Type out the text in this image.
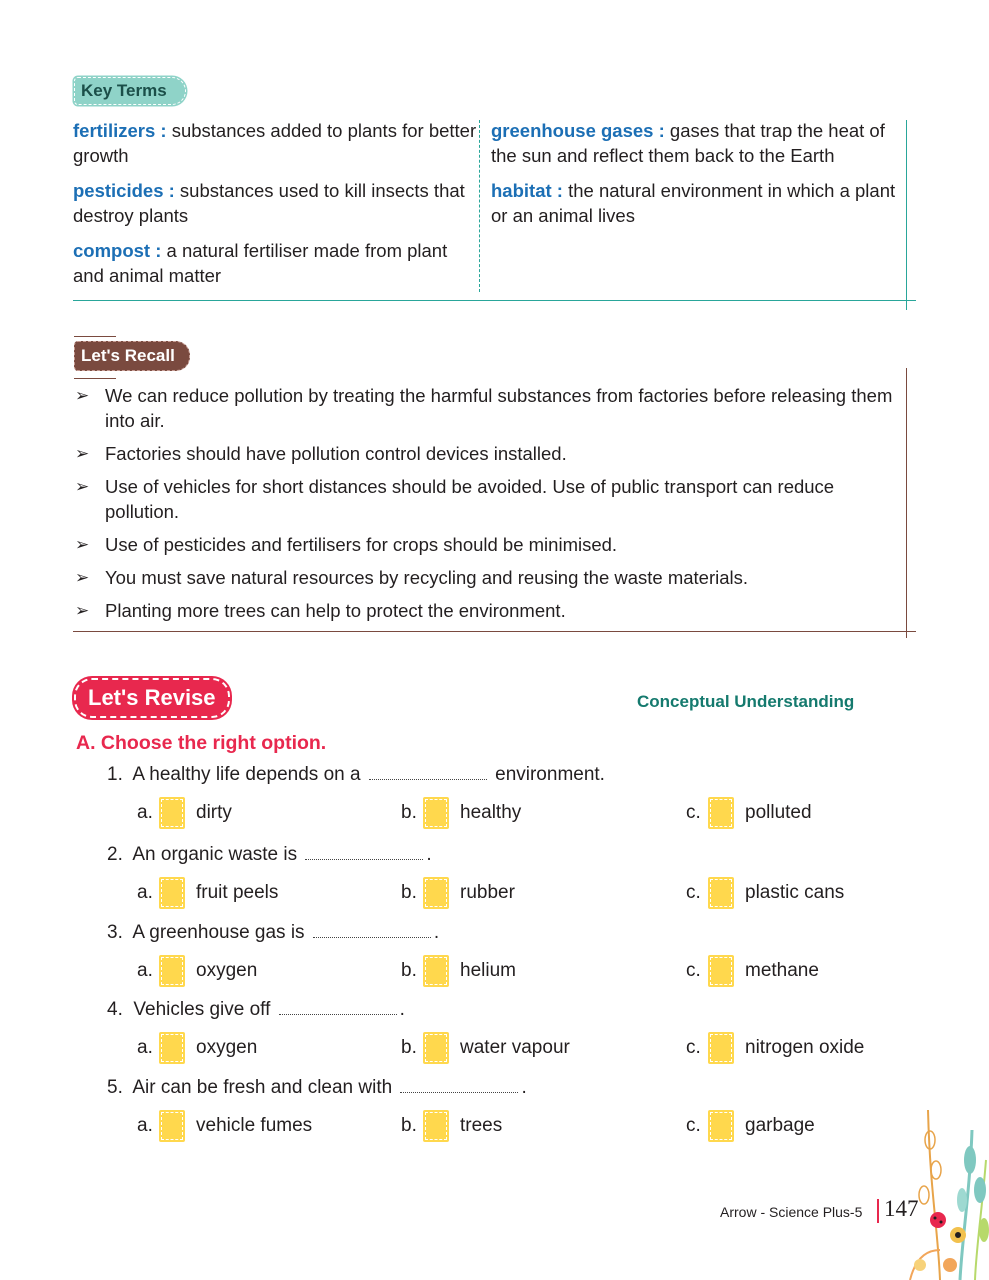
Key Terms
fertilizers : substances added to plants for better growth
pesticides : substances used to kill insects that destroy plants
compost : a natural fertiliser made from plant and animal matter
greenhouse gases : gases that trap the heat of the sun and reflect them back to the Earth
habitat : the natural environment in which a plant or an animal lives
Let's Recall
➢ We can reduce pollution by treating the harmful substances from factories before releasing them into air.
➢ Factories should have pollution control devices installed.
➢ Use of vehicles for short distances should be avoided. Use of public transport can reduce pollution.
➢ Use of pesticides and fertilisers for crops should be minimised.
➢ You must save natural resources by recycling and reusing the waste materials.
➢ Planting more trees can help to protect the environment.
Let's Revise	Conceptual Understanding
A. Choose the right option.
1. A healthy life depends on a	environment.
a.	dirty	b.	healthy	c.	polluted
2. An organic waste is	.
a.	fruit peels	b.	rubber	c.	plastic cans
3. A greenhouse gas is	.
a.	oxygen	b.	helium	c.	methane
4. Vehicles give off	.
a.	oxygen	b.	water vapour	c.	nitrogen oxide
5. Air can be fresh and clean with	.
a.	vehicle fumes	b.	trees	c.	garbage
Arrow - Science Plus-5 147
